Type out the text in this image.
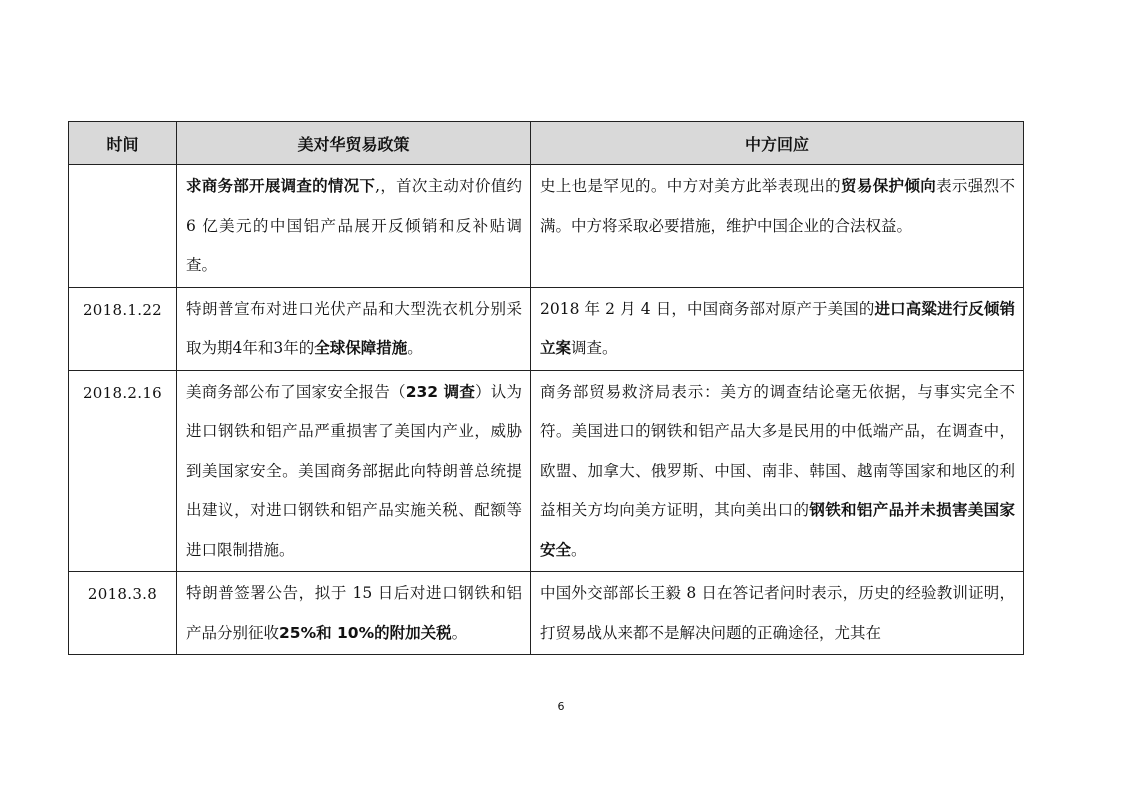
时间	美对华贸易政策	中方回应
	求商务部开展调查的情况下,，首次主动对价值约 6 亿美元的中国铝产品展开反倾销和反补贴调查。	史上也是罕见的。中方对美方此举表现出的贸易保护倾向表示强烈不满。中方将采取必要措施，维护中国企业的合法权益。
2018.1.22	特朗普宣布对进口光伏产品和大型洗衣机分别采取为期4年和3年的全球保障措施。	2018 年 2 月 4 日，中国商务部对原产于美国的进口高粱进行反倾销立案调查。
2018.2.16	美商务部公布了国家安全报告（232 调查）认为进口钢铁和铝产品严重损害了美国内产业，威胁到美国家安全。美国商务部据此向特朗普总统提出建议，对进口钢铁和铝产品实施关税、配额等进口限制措施。	商务部贸易救济局表示：美方的调查结论毫无依据，与事实完全不符。美国进口的钢铁和铝产品大多是民用的中低端产品，在调查中，欧盟、加拿大、俄罗斯、中国、南非、韩国、越南等国家和地区的利益相关方均向美方证明，其向美出口的钢铁和铝产品并未损害美国家安全。
2018.3.8	特朗普签署公告，拟于 15 日后对进口钢铁和铝产品分别征收25%和 10%的附加关税。	中国外交部部长王毅 8 日在答记者问时表示，历史的经验教训证明，打贸易战从来都不是解决问题的正确途径，尤其在
6
